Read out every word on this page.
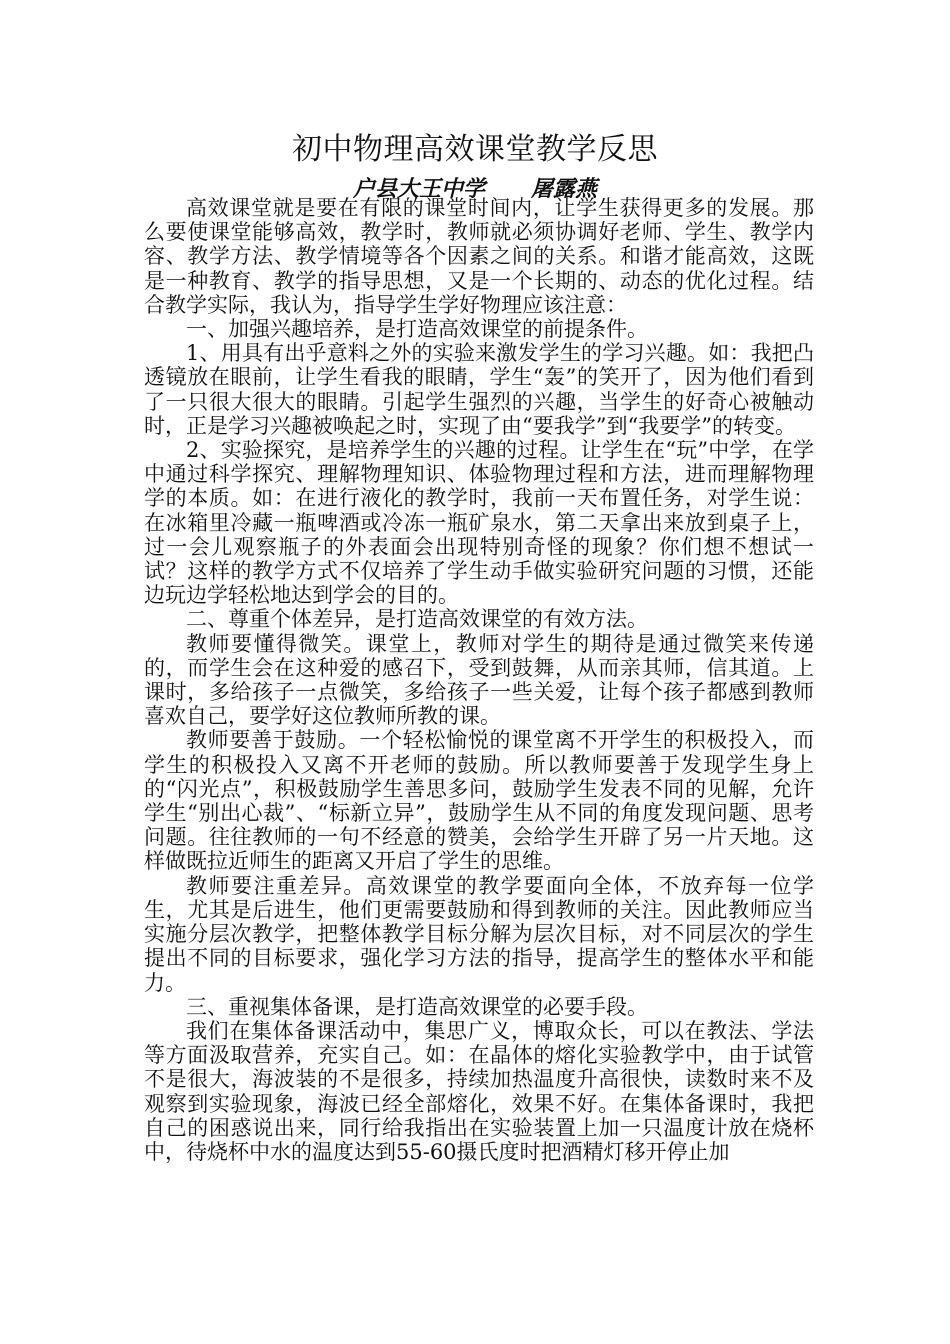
初中物理高效课堂教学反思
户县大王中学      屠露燕

高效课堂就是要在有限的课堂时间内，让学生获得更多的发展。那么要使课堂能够高效，教学时，教师就必须协调好老师、学生、教学内容、教学方法、教学情境等各个因素之间的关系。和谐才能高效，这既是一种教育、教学的指导思想，又是一个长期的、动态的优化过程。结合教学实际，我认为，指导学生学好物理应该注意：

一、加强兴趣培养，是打造高效课堂的前提条件。

1、用具有出乎意料之外的实验来激发学生的学习兴趣。如：我把凸透镜放在眼前，让学生看我的眼睛，学生“轰”的笑开了，因为他们看到了一只很大很大的眼睛。引起学生强烈的兴趣，当学生的好奇心被触动时，正是学习兴趣被唤起之时，实现了由“要我学”到“我要学”的转变。

2、实验探究，是培养学生的兴趣的过程。让学生在“玩”中学，在学中通过科学探究、理解物理知识、体验物理过程和方法，进而理解物理学的本质。如：在进行液化的教学时，我前一天布置任务，对学生说：在冰箱里冷藏一瓶啤酒或冷冻一瓶矿泉水，第二天拿出来放到桌子上，过一会儿观察瓶子的外表面会出现特别奇怪的现象？你们想不想试一试？这样的教学方式不仅培养了学生动手做实验研究问题的习惯，还能边玩边学轻松地达到学会的目的。

二、尊重个体差异，是打造高效课堂的有效方法。

教师要懂得微笑。课堂上，教师对学生的期待是通过微笑来传递的，而学生会在这种爱的感召下，受到鼓舞，从而亲其师，信其道。上课时，多给孩子一点微笑，多给孩子一些关爱，让每个孩子都感到教师喜欢自己，要学好这位教师所教的课。

教师要善于鼓励。一个轻松愉悦的课堂离不开学生的积极投入，而学生的积极投入又离不开老师的鼓励。所以教师要善于发现学生身上的“闪光点”，积极鼓励学生善思多问，鼓励学生发表不同的见解，允许学生“别出心裁”、“标新立异”，鼓励学生从不同的角度发现问题、思考问题。往往教师的一句不经意的赞美，会给学生开辟了另一片天地。这样做既拉近师生的距离又开启了学生的思维。

教师要注重差异。高效课堂的教学要面向全体，不放弃每一位学生，尤其是后进生，他们更需要鼓励和得到教师的关注。因此教师应当实施分层次教学，把整体教学目标分解为层次目标，对不同层次的学生提出不同的目标要求，强化学习方法的指导，提高学生的整体水平和能力。

三、重视集体备课，是打造高效课堂的必要手段。

我们在集体备课活动中，集思广义，博取众长，可以在教法、学法等方面汲取营养，充实自己。如：在晶体的熔化实验教学中，由于试管不是很大，海波装的不是很多，持续加热温度升高很快，读数时来不及观察到实验现象，海波已经全部熔化，效果不好。在集体备课时，我把自己的困惑说出来，同行给我指出在实验装置上加一只温度计放在烧杯中，待烧杯中水的温度达到55-60摄氏度时把酒精灯移开停止加
